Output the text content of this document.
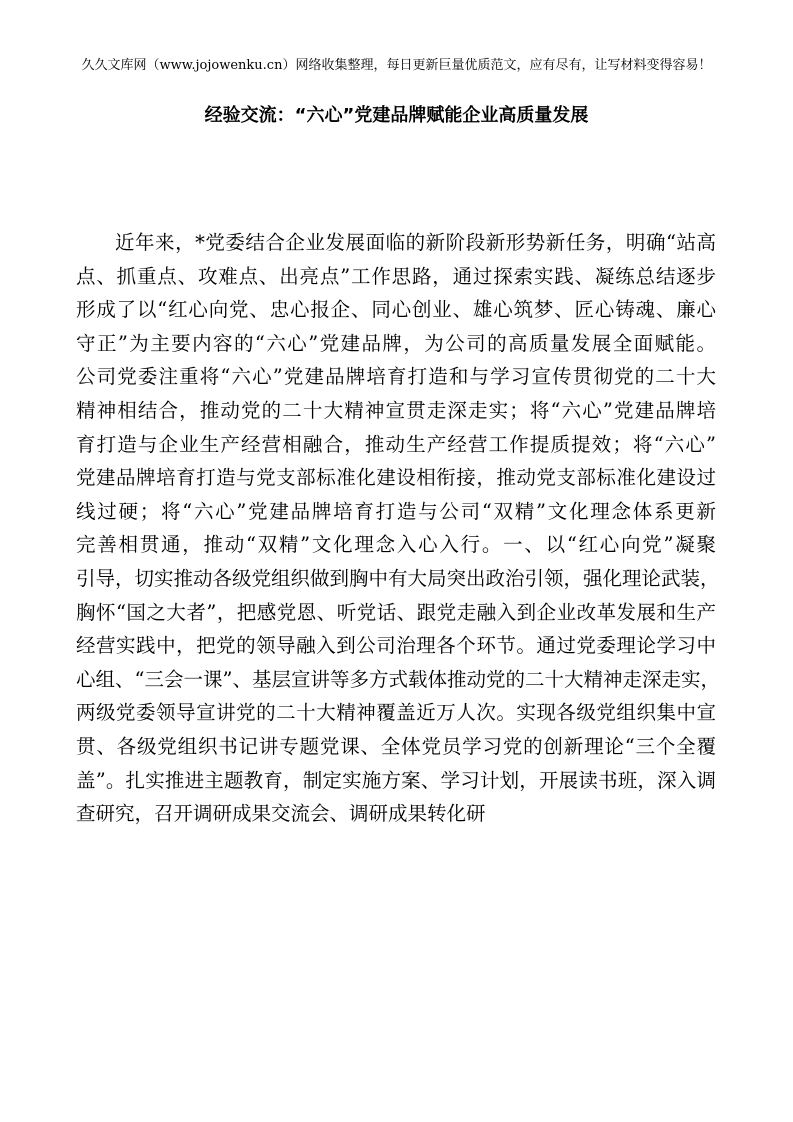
久久文库网（www.jojowenku.cn）网络收集整理，每日更新巨量优质范文，应有尽有，让写材料变得容易！
经验交流：“六心”党建品牌赋能企业高质量发展

近年来，*党委结合企业发展面临的新阶段新形势新任务，明确“站高
点、抓重点、攻难点、出亮点”工作思路，通过探索实践、凝练总结逐步
形成了以“红心向党、忠心报企、同心创业、雄心筑梦、匠心铸魂、廉心
守正”为主要内容的“六心”党建品牌，为公司的高质量发展全面赋能。
公司党委注重将“六心”党建品牌培育打造和与学习宣传贯彻党的二十大
精神相结合，推动党的二十大精神宣贯走深走实；将“六心”党建品牌培
育打造与企业生产经营相融合，推动生产经营工作提质提效；将“六心”
党建品牌培育打造与党支部标准化建设相衔接，推动党支部标准化建设过
线过硬；将“六心”党建品牌培育打造与公司“双精”文化理念体系更新
完善相贯通，推动“双精”文化理念入心入行。一、以“红心向党”凝聚
引导，切实推动各级党组织做到胸中有大局突出政治引领，强化理论武装，
胸怀“国之大者”，把感党恩、听党话、跟党走融入到企业改革发展和生产
经营实践中，把党的领导融入到公司治理各个环节。通过党委理论学习中
心组、“三会一课”、基层宣讲等多方式载体推动党的二十大精神走深走实，
两级党委领导宣讲党的二十大精神覆盖近万人次。实现各级党组织集中宣
贯、各级党组织书记讲专题党课、全体党员学习党的创新理论“三个全覆
盖”。扎实推进主题教育，制定实施方案、学习计划，开展读书班，深入调
查研究，召开调研成果交流会、调研成果转化研
